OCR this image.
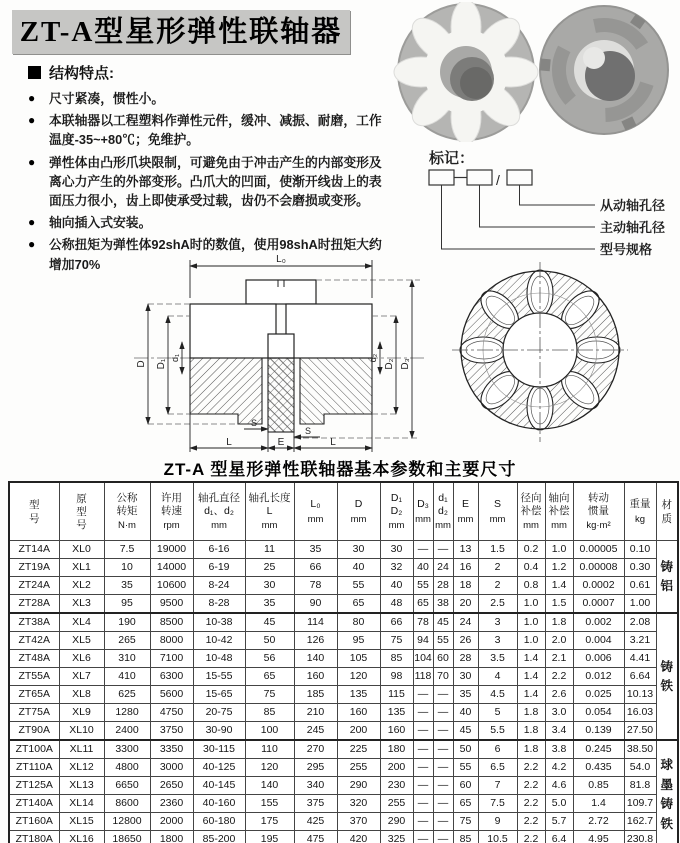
ZT-A型星形弹性联轴器
结构特点:
● 尺寸紧凑，惯性小。
● 本联轴器以工程塑料作弹性元件，缓冲、减振、耐磨，工作温度-35~+80℃；免维护。
● 弹性体由凸形爪块限制，可避免由于冲击产生的内部变形及离心力产生的外部变形。凸爪大的凹面，使渐开线齿上的表面压力很小，齿上即使承受过载，齿仍不会磨损或变形。
● 轴向插入式安装。
● 公称扭矩为弹性体92shA时的数值，使用98shA时扭矩大约增加70%
标记：
/
从动轴孔径
主动轴孔径
型号规格
L₀
D D₁
d₁	d₂
D₂ D₃
S
S
L	E	L
ZT-A 型星形弹性联轴器基本参数和主要尺寸
型
号

原
型
号

公称
转矩
N·m

许用
转速
rpm

轴孔直径
d₁、d₂
mm

轴孔长度
L
mm

L₀
mm

D
mm

D₁
D₂
mm

D₃
mm

d₁
d₂
mm

E
mm

S
mm

径向
补偿
mm

轴向
补偿
mm

转动
惯量
kg·m²

重量
kg

材
质

ZT14A	XL0	7.5	19000	6-16	11	35	30	30	—	—	13	1.5	0.2	1.0	0.00005	0.10	铸
铝

ZT19A	XL1	10	14000	6-19	25	66	40	32	40	24	16	2	0.4	1.2	0.00008	0.30	
ZT24A	XL2	35	10600	8-24	30	78	55	40	55	28	18	2	0.8	1.4	0.0002	0.61	
ZT28A	XL3	95	9500	8-28	35	90	65	48	65	38	20	2.5	1.0	1.5	0.0007	1.00	
ZT38A	XL4	190	8500	10-38	45	114	80	66	78	45	24	3	1.0	1.8	0.002	2.08	铸
铁

ZT42A	XL5	265	8000	10-42	50	126	95	75	94	55	26	3	1.0	2.0	0.004	3.21	
ZT48A	XL6	310	7100	10-48	56	140	105	85	104	60	28	3.5	1.4	2.1	0.006	4.41	
ZT55A	XL7	410	6300	15-55	65	160	120	98	118	70	30	4	1.4	2.2	0.012	6.64	
ZT65A	XL8	625	5600	15-65	75	185	135	115	—	—	35	4.5	1.4	2.6	0.025	10.13	
ZT75A	XL9	1280	4750	20-75	85	210	160	135	—	—	40	5	1.8	3.0	0.054	16.03	
ZT90A	XL10	2400	3750	30-90	100	245	200	160	—	—	45	5.5	1.8	3.4	0.139	27.50	
ZT100A	XL11	3300	3350	30-115	110	270	225	180	—	—	50	6	1.8	3.8	0.245	38.50	球
墨
铸
铁

ZT110A	XL12	4800	3000	40-125	120	295	255	200	—	—	55	6.5	2.2	4.2	0.435	54.0	
ZT125A	XL13	6650	2650	40-145	140	340	290	230	—	—	60	7	2.2	4.6	0.85	81.8	
ZT140A	XL14	8600	2360	40-160	155	375	320	255	—	—	65	7.5	2.2	5.0	1.4	109.7	
ZT160A	XL15	12800	2000	60-180	175	425	370	290	—	—	75	9	2.2	5.7	2.72	162.7	
ZT180A	XL16	18650	1800	85-200	195	475	420	325	—	—	85	10.5	2.2	6.4	4.95	230.8	
